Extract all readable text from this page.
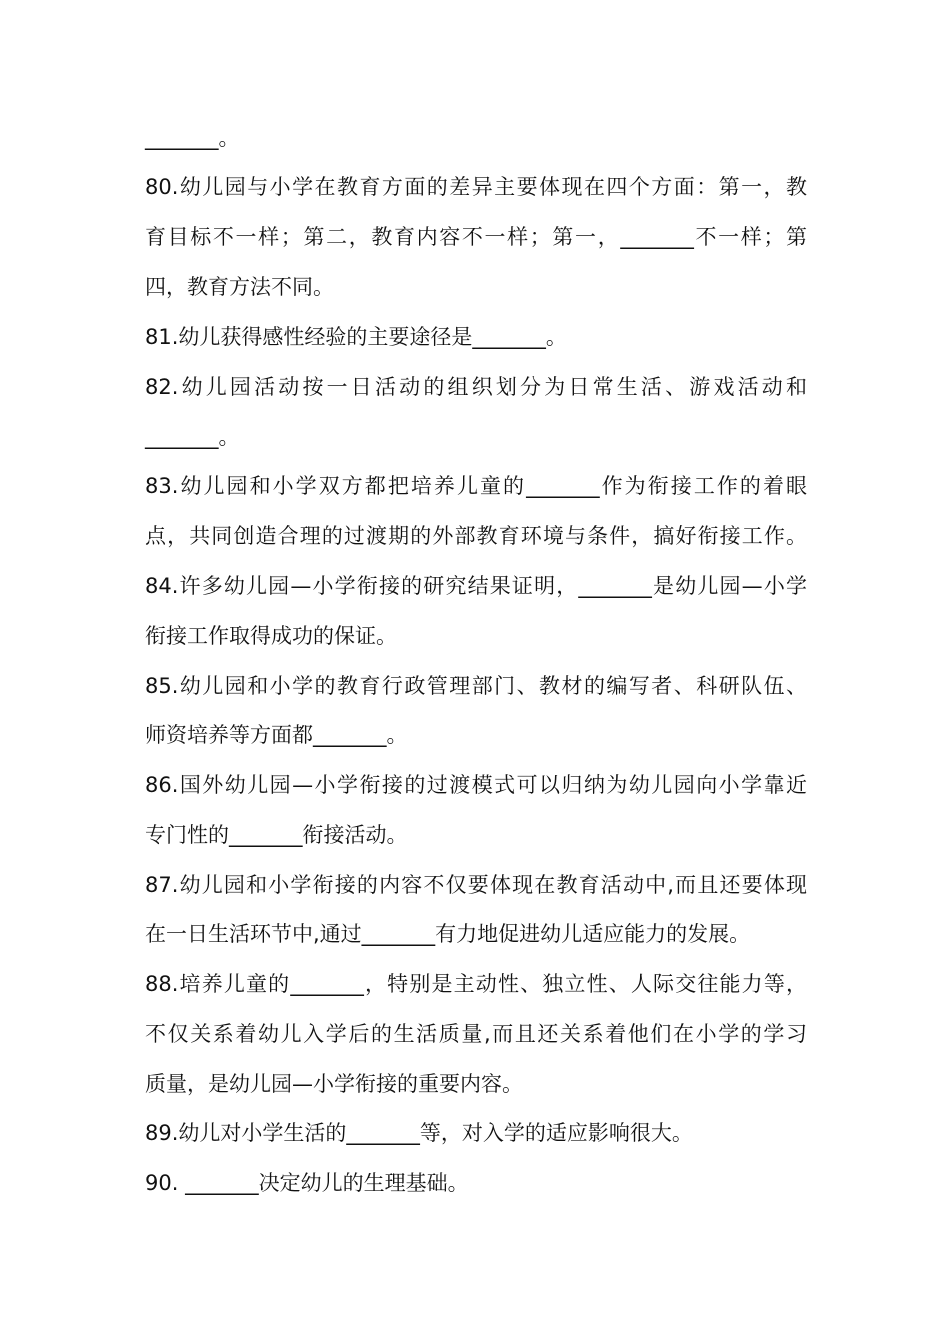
_______。
80.幼儿园与小学在教育方面的差异主要体现在四个方面：第一，教
育目标不一样；第二，教育内容不一样；第一，_______不一样；第
四，教育方法不同。
81.幼儿获得感性经验的主要途径是_______。
82.幼儿园活动按一日活动的组织划分为日常生活、游戏活动和
_______。
83.幼儿园和小学双方都把培养儿童的_______作为衔接工作的着眼
点，共同创造合理的过渡期的外部教育环境与条件，搞好衔接工作。
84.许多幼儿园—小学衔接的研究结果证明，_______是幼儿园—小学
衔接工作取得成功的保证。
85.幼儿园和小学的教育行政管理部门、教材的编写者、科研队伍、
师资培养等方面都_______。
86.国外幼儿园—小学衔接的过渡模式可以归纳为幼儿园向小学靠近
专门性的_______衔接活动。
87.幼儿园和小学衔接的内容不仅要体现在教育活动中,而且还要体现
在一日生活环节中,通过_______有力地促进幼儿适应能力的发展。
88.培养儿童的_______，特别是主动性、独立性、人际交往能力等，
不仅关系着幼儿入学后的生活质量,而且还关系着他们在小学的学习
质量，是幼儿园—小学衔接的重要内容。
89.幼儿对小学生活的_______等，对入学的适应影响很大。
90. _______决定幼儿的生理基础。
